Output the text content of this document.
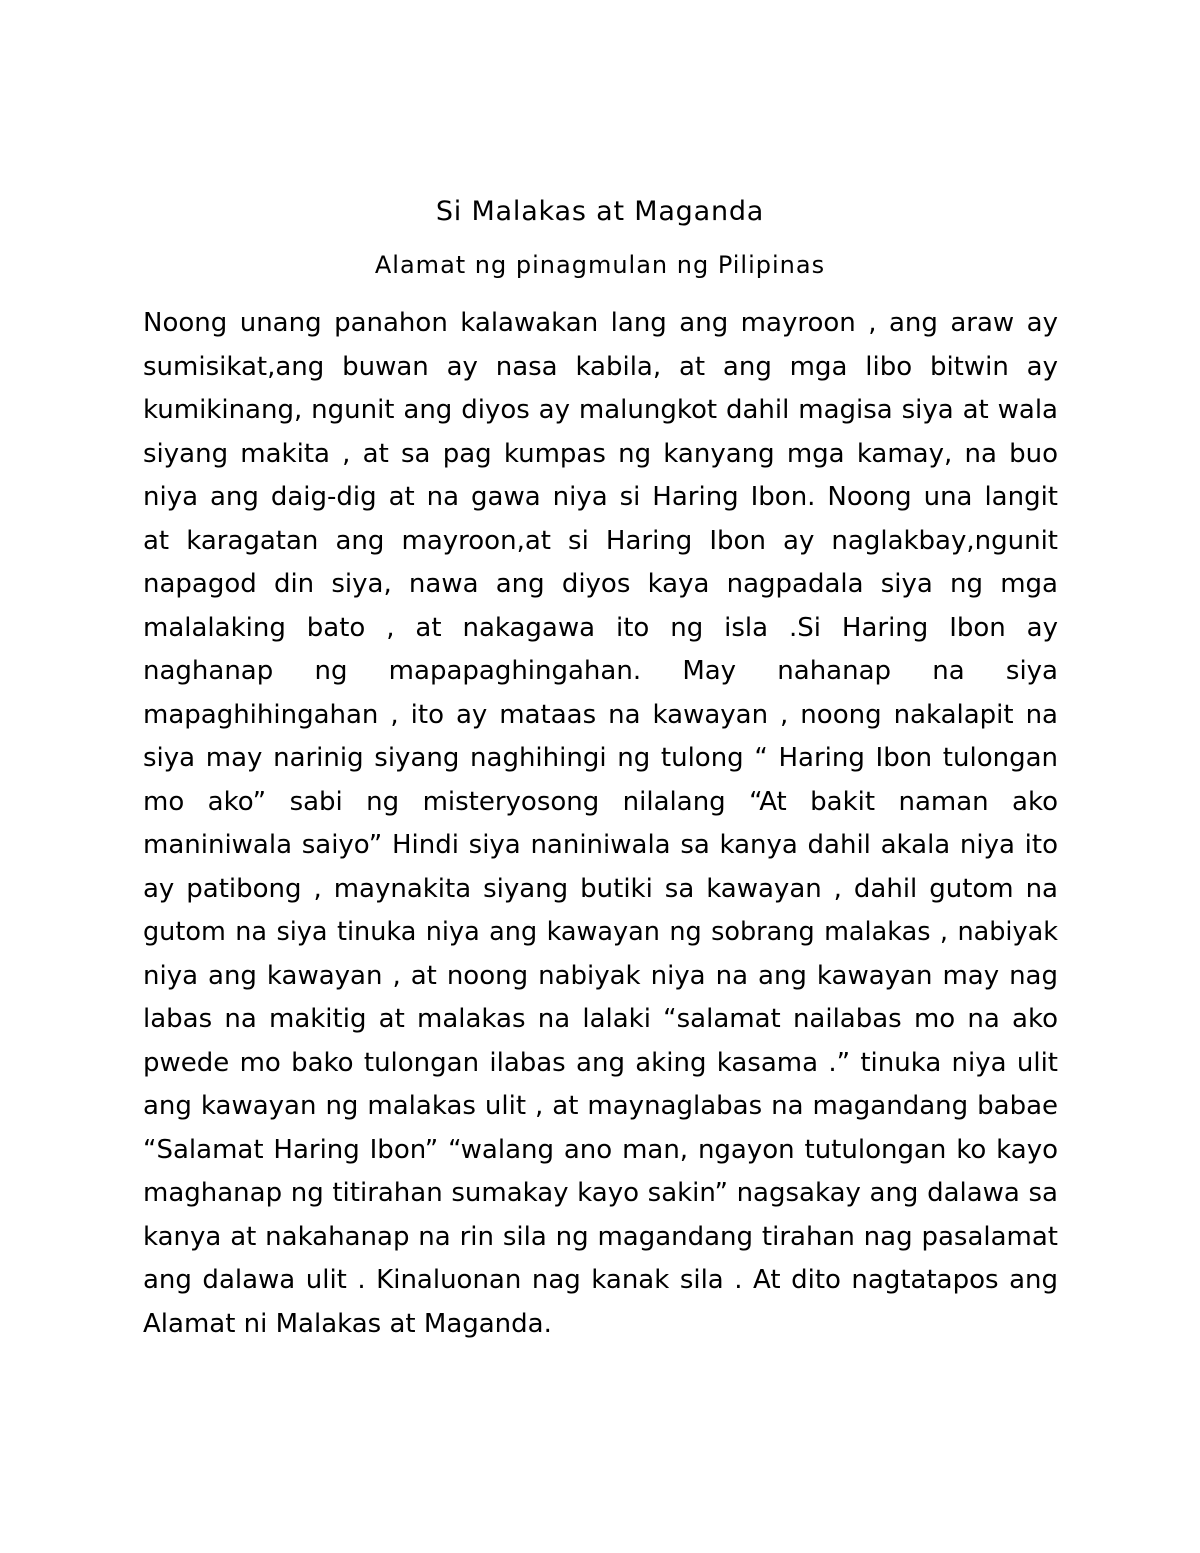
Si Malakas at Maganda
Alamat ng pinagmulan ng Pilipinas
Noong unang panahon kalawakan lang ang mayroon , ang araw ay
sumisikat,ang buwan ay nasa kabila, at ang mga libo bitwin ay
kumikinang, ngunit ang diyos ay malungkot dahil magisa siya at wala
siyang makita , at sa pag kumpas ng kanyang mga kamay, na buo
niya ang daig-dig at na gawa niya si Haring Ibon. Noong una langit
at karagatan ang mayroon,at si Haring Ibon ay naglakbay,ngunit
napagod din siya, nawa ang diyos kaya nagpadala siya ng mga
malalaking bato , at nakagawa ito ng isla .Si Haring Ibon ay
naghanap ng mapapaghingahan. May nahanap na siya
mapaghihingahan , ito ay mataas na kawayan , noong nakalapit na
siya may narinig siyang naghihingi ng tulong “ Haring Ibon tulongan
mo ako” sabi ng misteryosong nilalang “At bakit naman ako
maniniwala saiyo” Hindi siya naniniwala sa kanya dahil akala niya ito
ay patibong , maynakita siyang butiki sa kawayan , dahil gutom na
gutom na siya tinuka niya ang kawayan ng sobrang malakas , nabiyak
niya ang kawayan , at noong nabiyak niya na ang kawayan may nag
labas na makitig at malakas na lalaki “salamat nailabas mo na ako
pwede mo bako tulongan ilabas ang aking kasama .” tinuka niya ulit
ang kawayan ng malakas ulit , at maynaglabas na magandang babae
“Salamat Haring Ibon” “walang ano man, ngayon tutulongan ko kayo
maghanap ng titirahan sumakay kayo sakin” nagsakay ang dalawa sa
kanya at nakahanap na rin sila ng magandang tirahan nag pasalamat
ang dalawa ulit . Kinaluonan nag kanak sila . At dito nagtatapos ang
Alamat ni Malakas at Maganda.
